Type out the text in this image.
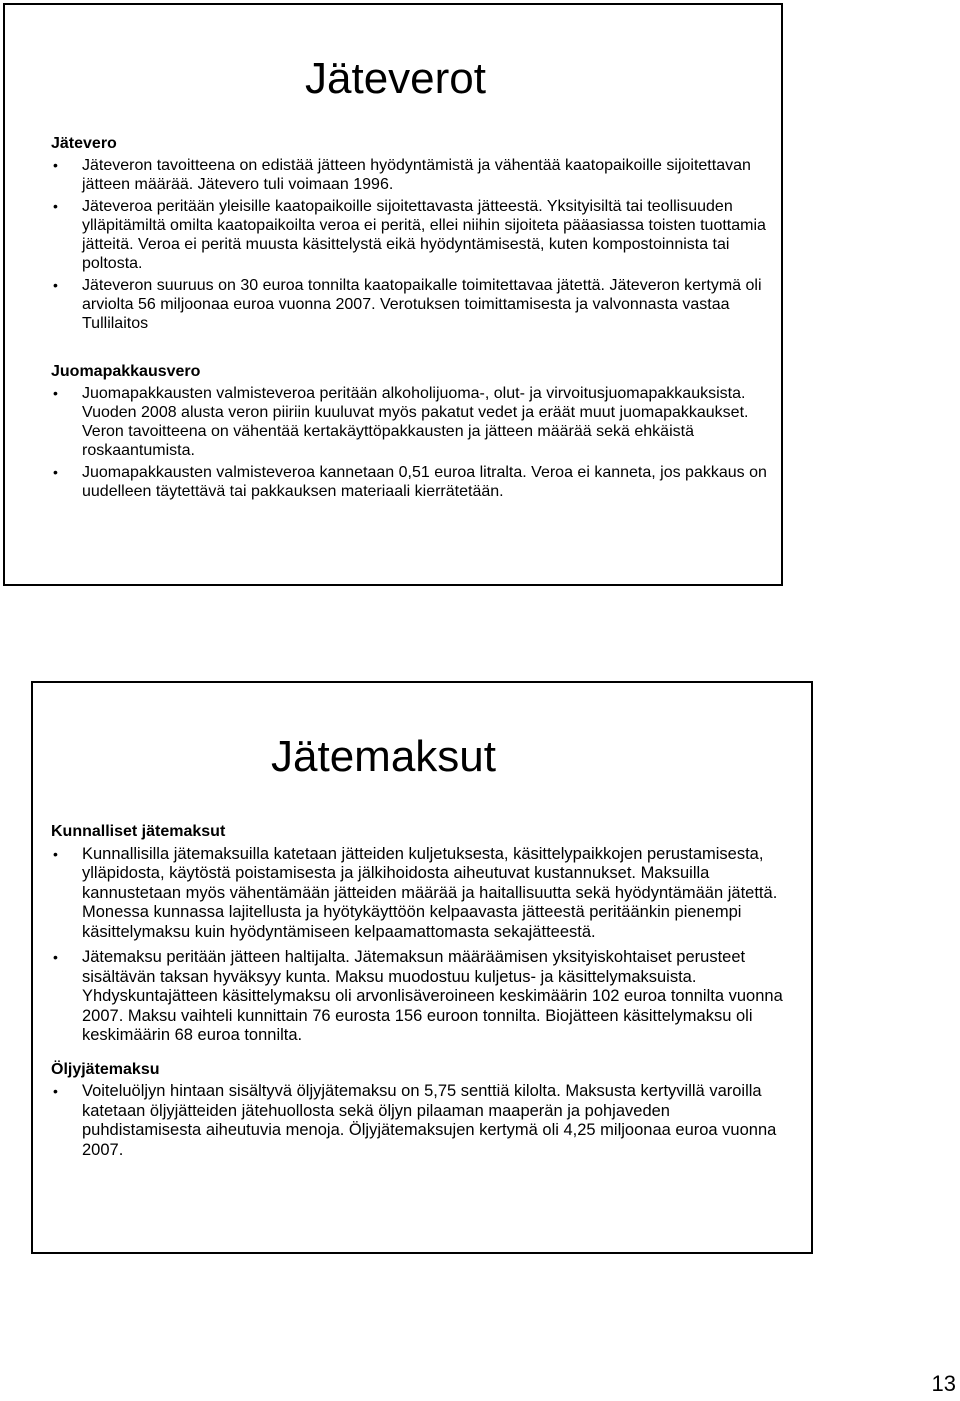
Jäteverot
Jätevero
• Jäteveron tavoitteena on edistää jätteen hyödyntämistä ja vähentää kaatopaikoille sijoitettavan jätteen määrää. Jätevero tuli voimaan 1996.
• Jäteveroa peritään yleisille kaatopaikoille sijoitettavasta jätteestä. Yksityisiltä tai teollisuuden ylläpitämiltä omilta kaatopaikoilta veroa ei peritä, ellei niihin sijoiteta pääasiassa toisten tuottamia jätteitä. Veroa ei peritä muusta käsittelystä eikä hyödyntämisestä, kuten kompostoinnista tai poltosta.
• Jäteveron suuruus on 30 euroa tonnilta kaatopaikalle toimitettavaa jätettä. Jäteveron kertymä oli arviolta 56 miljoonaa euroa vuonna 2007. Verotuksen toimittamisesta ja valvonnasta vastaa Tullilaitos
Juomapakkausvero
• Juomapakkausten valmisteveroa peritään alkoholijuoma-, olut- ja virvoitusjuomapakkauksista. Vuoden 2008 alusta veron piiriin kuuluvat myös pakatut vedet ja eräät muut juomapakkaukset. Veron tavoitteena on vähentää kertakäyttöpakkausten ja jätteen määrää sekä ehkäistä roskaantumista.
• Juomapakkausten valmisteveroa kannetaan 0,51 euroa litralta. Veroa ei kanneta, jos pakkaus on uudelleen täytettävä tai pakkauksen materiaali kierrätetään.
Jätemaksut
Kunnalliset jätemaksut
• Kunnallisilla jätemaksuilla katetaan jätteiden kuljetuksesta, käsittelypaikkojen perustamisesta, ylläpidosta, käytöstä poistamisesta ja jälkihoidosta aiheutuvat kustannukset. Maksuilla kannustetaan myös vähentämään jätteiden määrää ja haitallisuutta sekä hyödyntämään jätettä. Monessa kunnassa lajitellusta ja hyötykäyttöön kelpaavasta jätteestä peritäänkin pienempi käsittelymaksu kuin hyödyntämiseen kelpaamattomasta sekajätteestä.
• Jätemaksu peritään jätteen haltijalta. Jätemaksun määräämisen yksityiskohtaiset perusteet sisältävän taksan hyväksyy kunta. Maksu muodostuu kuljetus- ja käsittelymaksuista. Yhdyskuntajätteen käsittelymaksu oli arvonlisäveroineen keskimäärin 102 euroa tonnilta vuonna 2007. Maksu vaihteli kunnittain 76 eurosta 156 euroon tonnilta. Biojätteen käsittelymaksu oli keskimäärin 68 euroa tonnilta.
Öljyjätemaksu
• Voiteluöljyn hintaan sisältyvä öljyjätemaksu on 5,75 senttiä kilolta. Maksusta kertyvillä varoilla katetaan öljyjätteiden jätehuollosta sekä öljyn pilaaman maaperän ja pohjaveden puhdistamisesta aiheutuvia menoja. Öljyjätemaksujen kertymä oli 4,25 miljoonaa euroa vuonna 2007.
13
